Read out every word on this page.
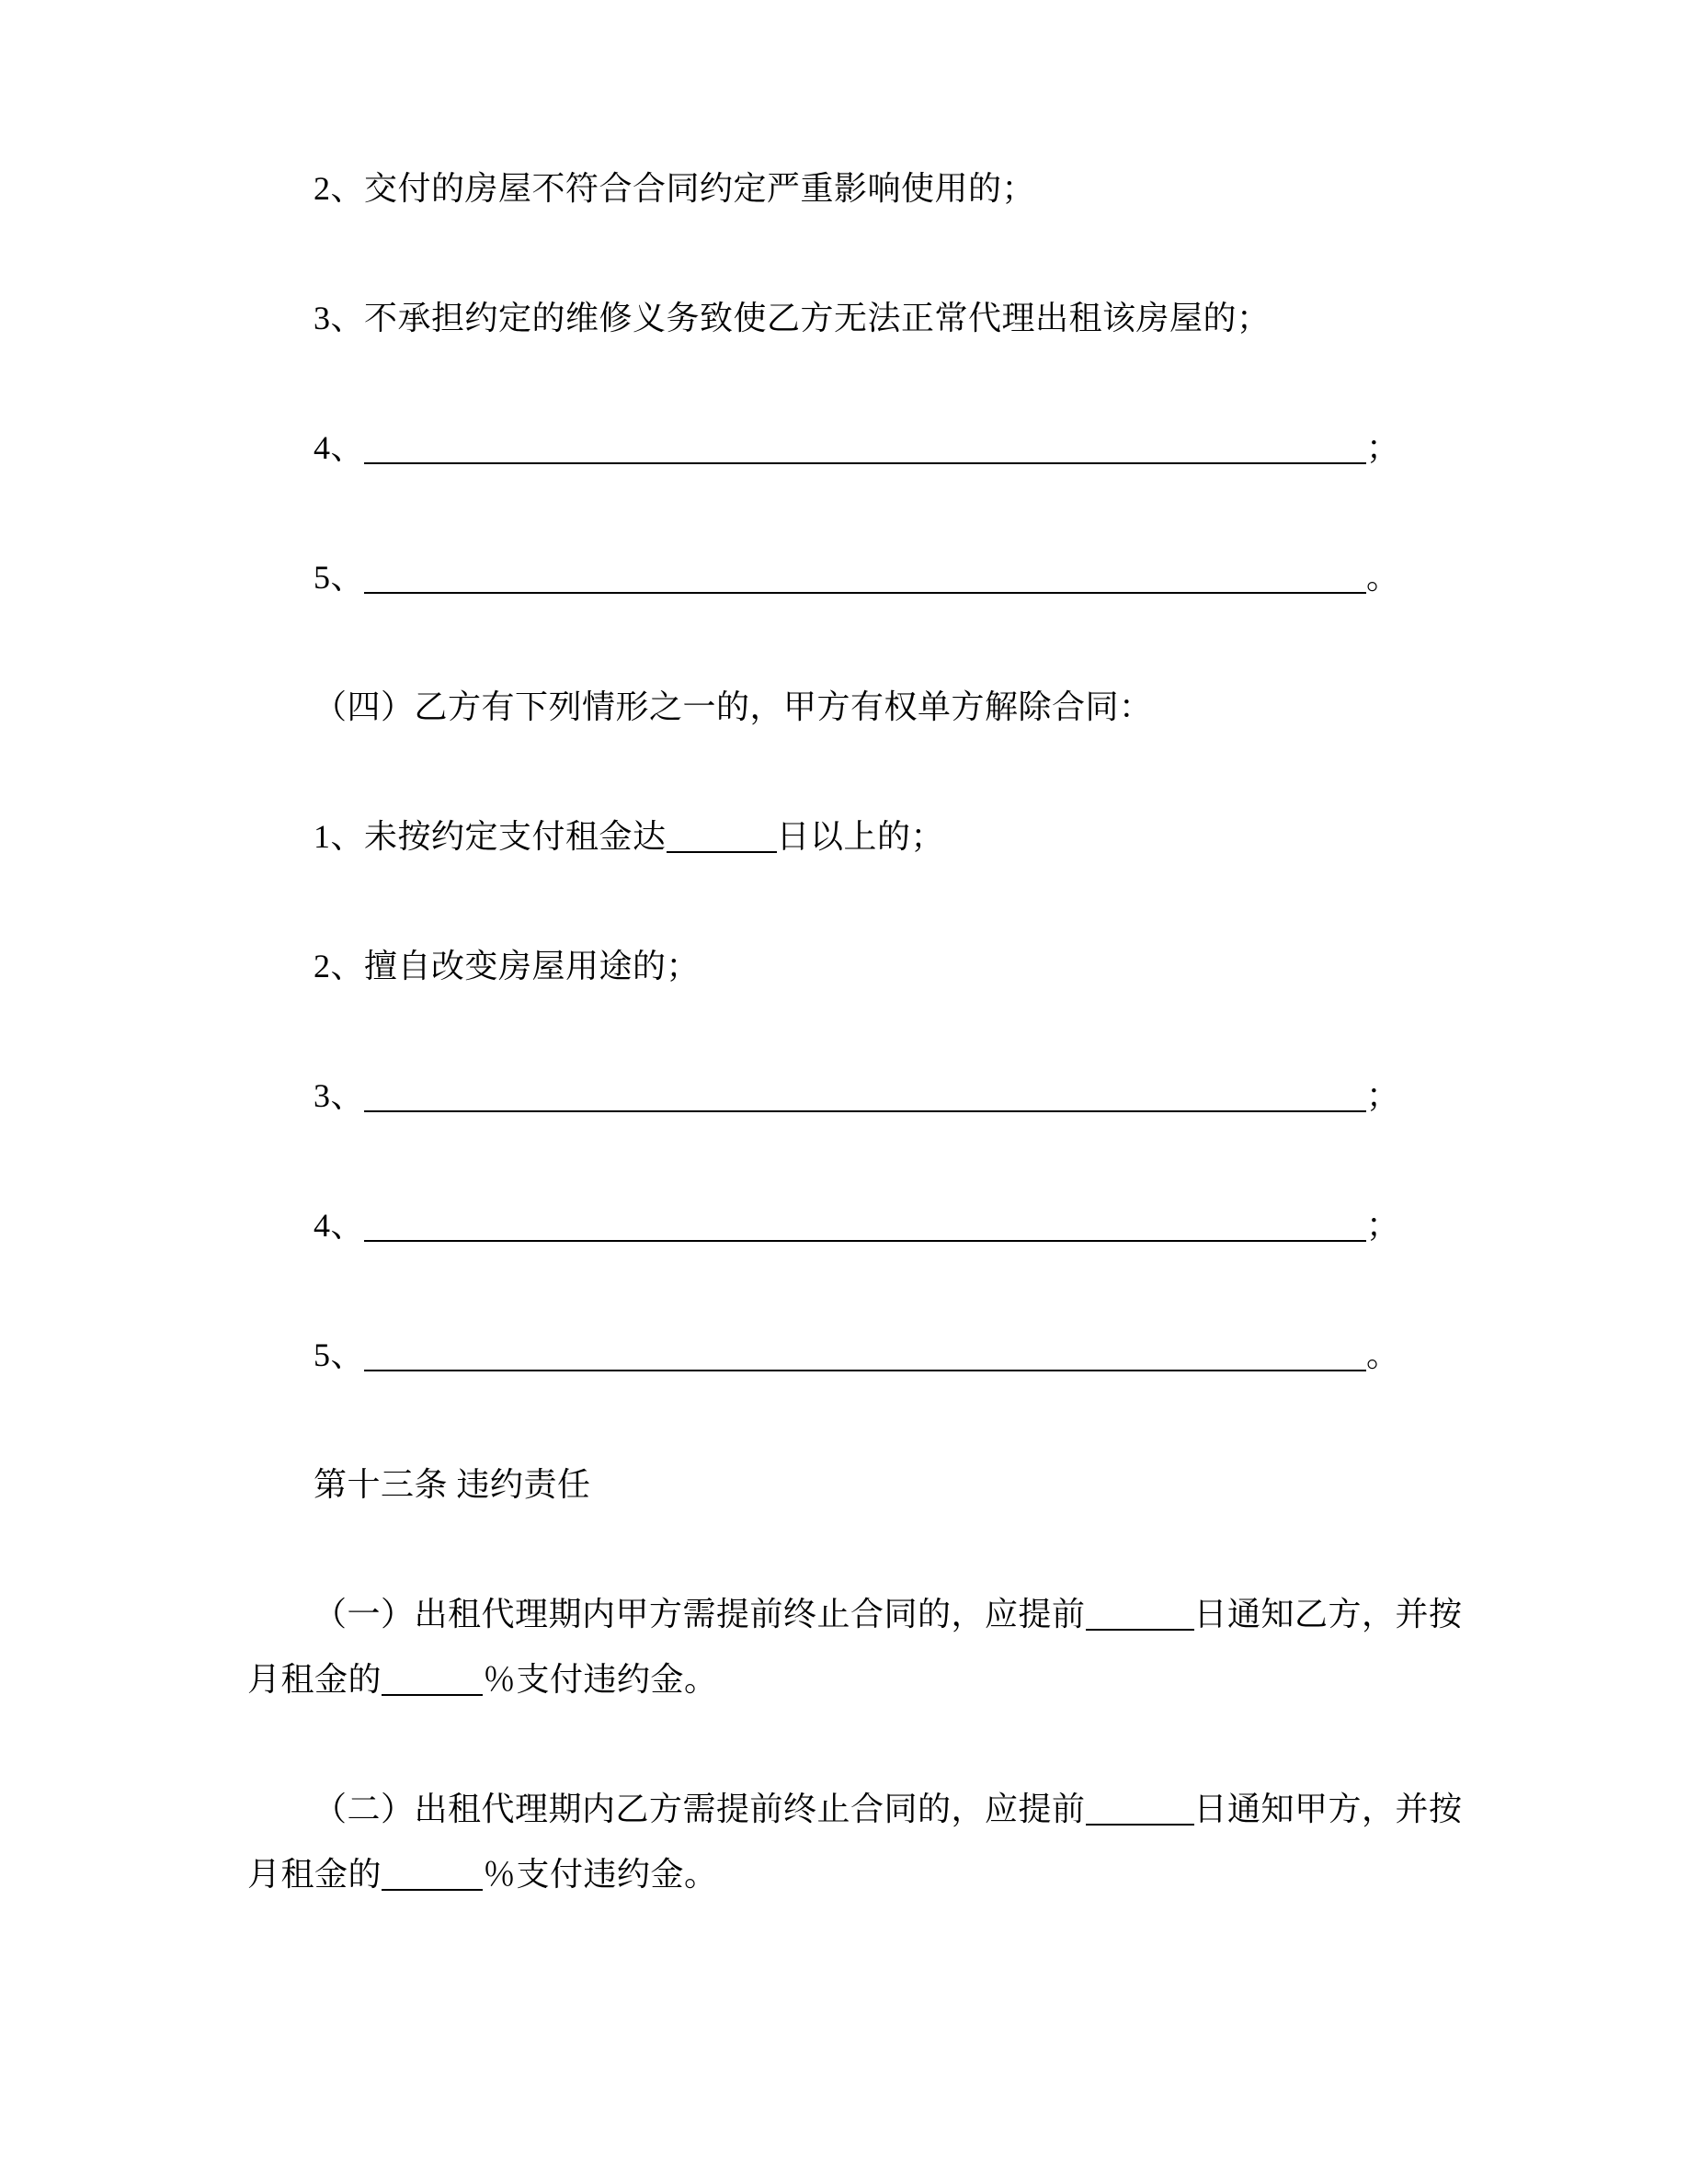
2、交付的房屋不符合合同约定严重影响使用的；
3、不承担约定的维修义务致使乙方无法正常代理出租该房屋的；
4、	；
5、	。
（四）乙方有下列情形之一的，甲方有权单方解除合同：
1、未按约定支付租金达	日以上的；
2、擅自改变房屋用途的；
3、	；
4、	；
5、	。
第十三条 违约责任
（一）出租代理期内甲方需提前终止合同的，应提前	日通知乙方，并按
月租金的	％支付违约金。
（二）出租代理期内乙方需提前终止合同的，应提前	日通知甲方，并按
月租金的	％支付违约金。
